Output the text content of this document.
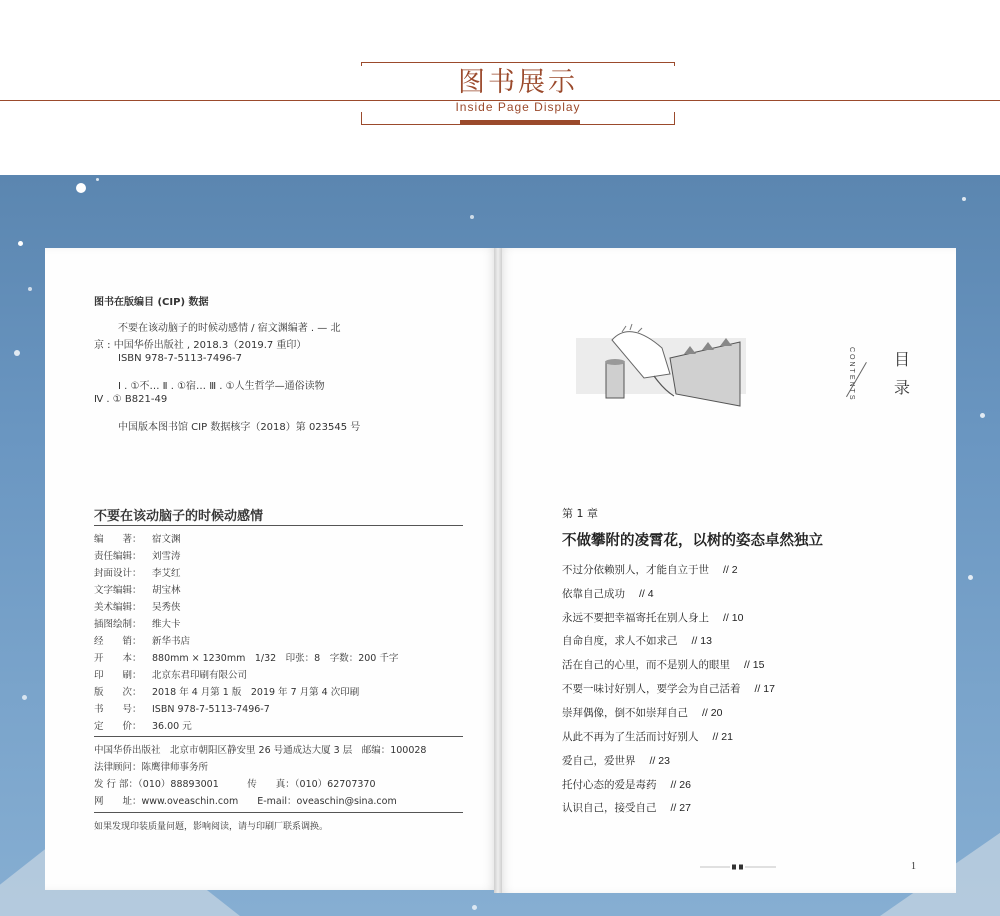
图书展示
Inside Page Display
图书在版编目 (CIP) 数据
不要在该动脑子的时候动感情 / 宿文渊编著 . — 北
京 : 中国华侨出版社 , 2018.3（2019.7 重印）
ISBN 978-7-5113-7496-7
Ⅰ . ①不… Ⅱ . ①宿… Ⅲ . ①人生哲学—通俗读物
Ⅳ . ① B821-49
中国版本图书馆 CIP 数据核字（2018）第 023545 号
不要在该动脑子的时候动感情
编　　著： 宿文渊
责任编辑： 刘雪涛
封面设计： 李艾红
文字编辑： 胡宝林
美术编辑： 吴秀侠
插图绘制： 维大卡
经　　销： 新华书店
开　　本： 880mm × 1230mm　1/32　印张：8　字数：200 千字
印　　刷： 北京东君印刷有限公司
版　　次： 2018 年 4 月第 1 版　2019 年 7 月第 4 次印刷
书　　号： ISBN 978-7-5113-7496-7
定　　价： 36.00 元
中国华侨出版社　北京市朝阳区静安里 26 号通成达大厦 3 层　邮编：100028
法律顾问：陈鹰律师事务所
发 行 部：（010）88893001　　　传　　真：（010）62707370
网　　址：www.oveaschin.com　　E-mail：oveaschin@sina.com
如果发现印装质量问题，影响阅读，请与印刷厂联系调换。
CONTENTS 目
录
第 1 章
不做攀附的凌霄花，以树的姿态卓然独立
不过分依赖别人，才能自立于世 // 2
依靠自己成功 // 4
永远不要把幸福寄托在别人身上 // 10
自命自度，求人不如求己 // 13
活在自己的心里，而不是别人的眼里 // 15
不要一味讨好别人，要学会为自己活着 // 17
崇拜偶像，倒不如崇拜自己 // 20
从此不再为了生活而讨好别人 // 21
爱自己，爱世界 // 23
托付心态的爱是毒药 // 26
认识自己，接受自己 // 27
1
